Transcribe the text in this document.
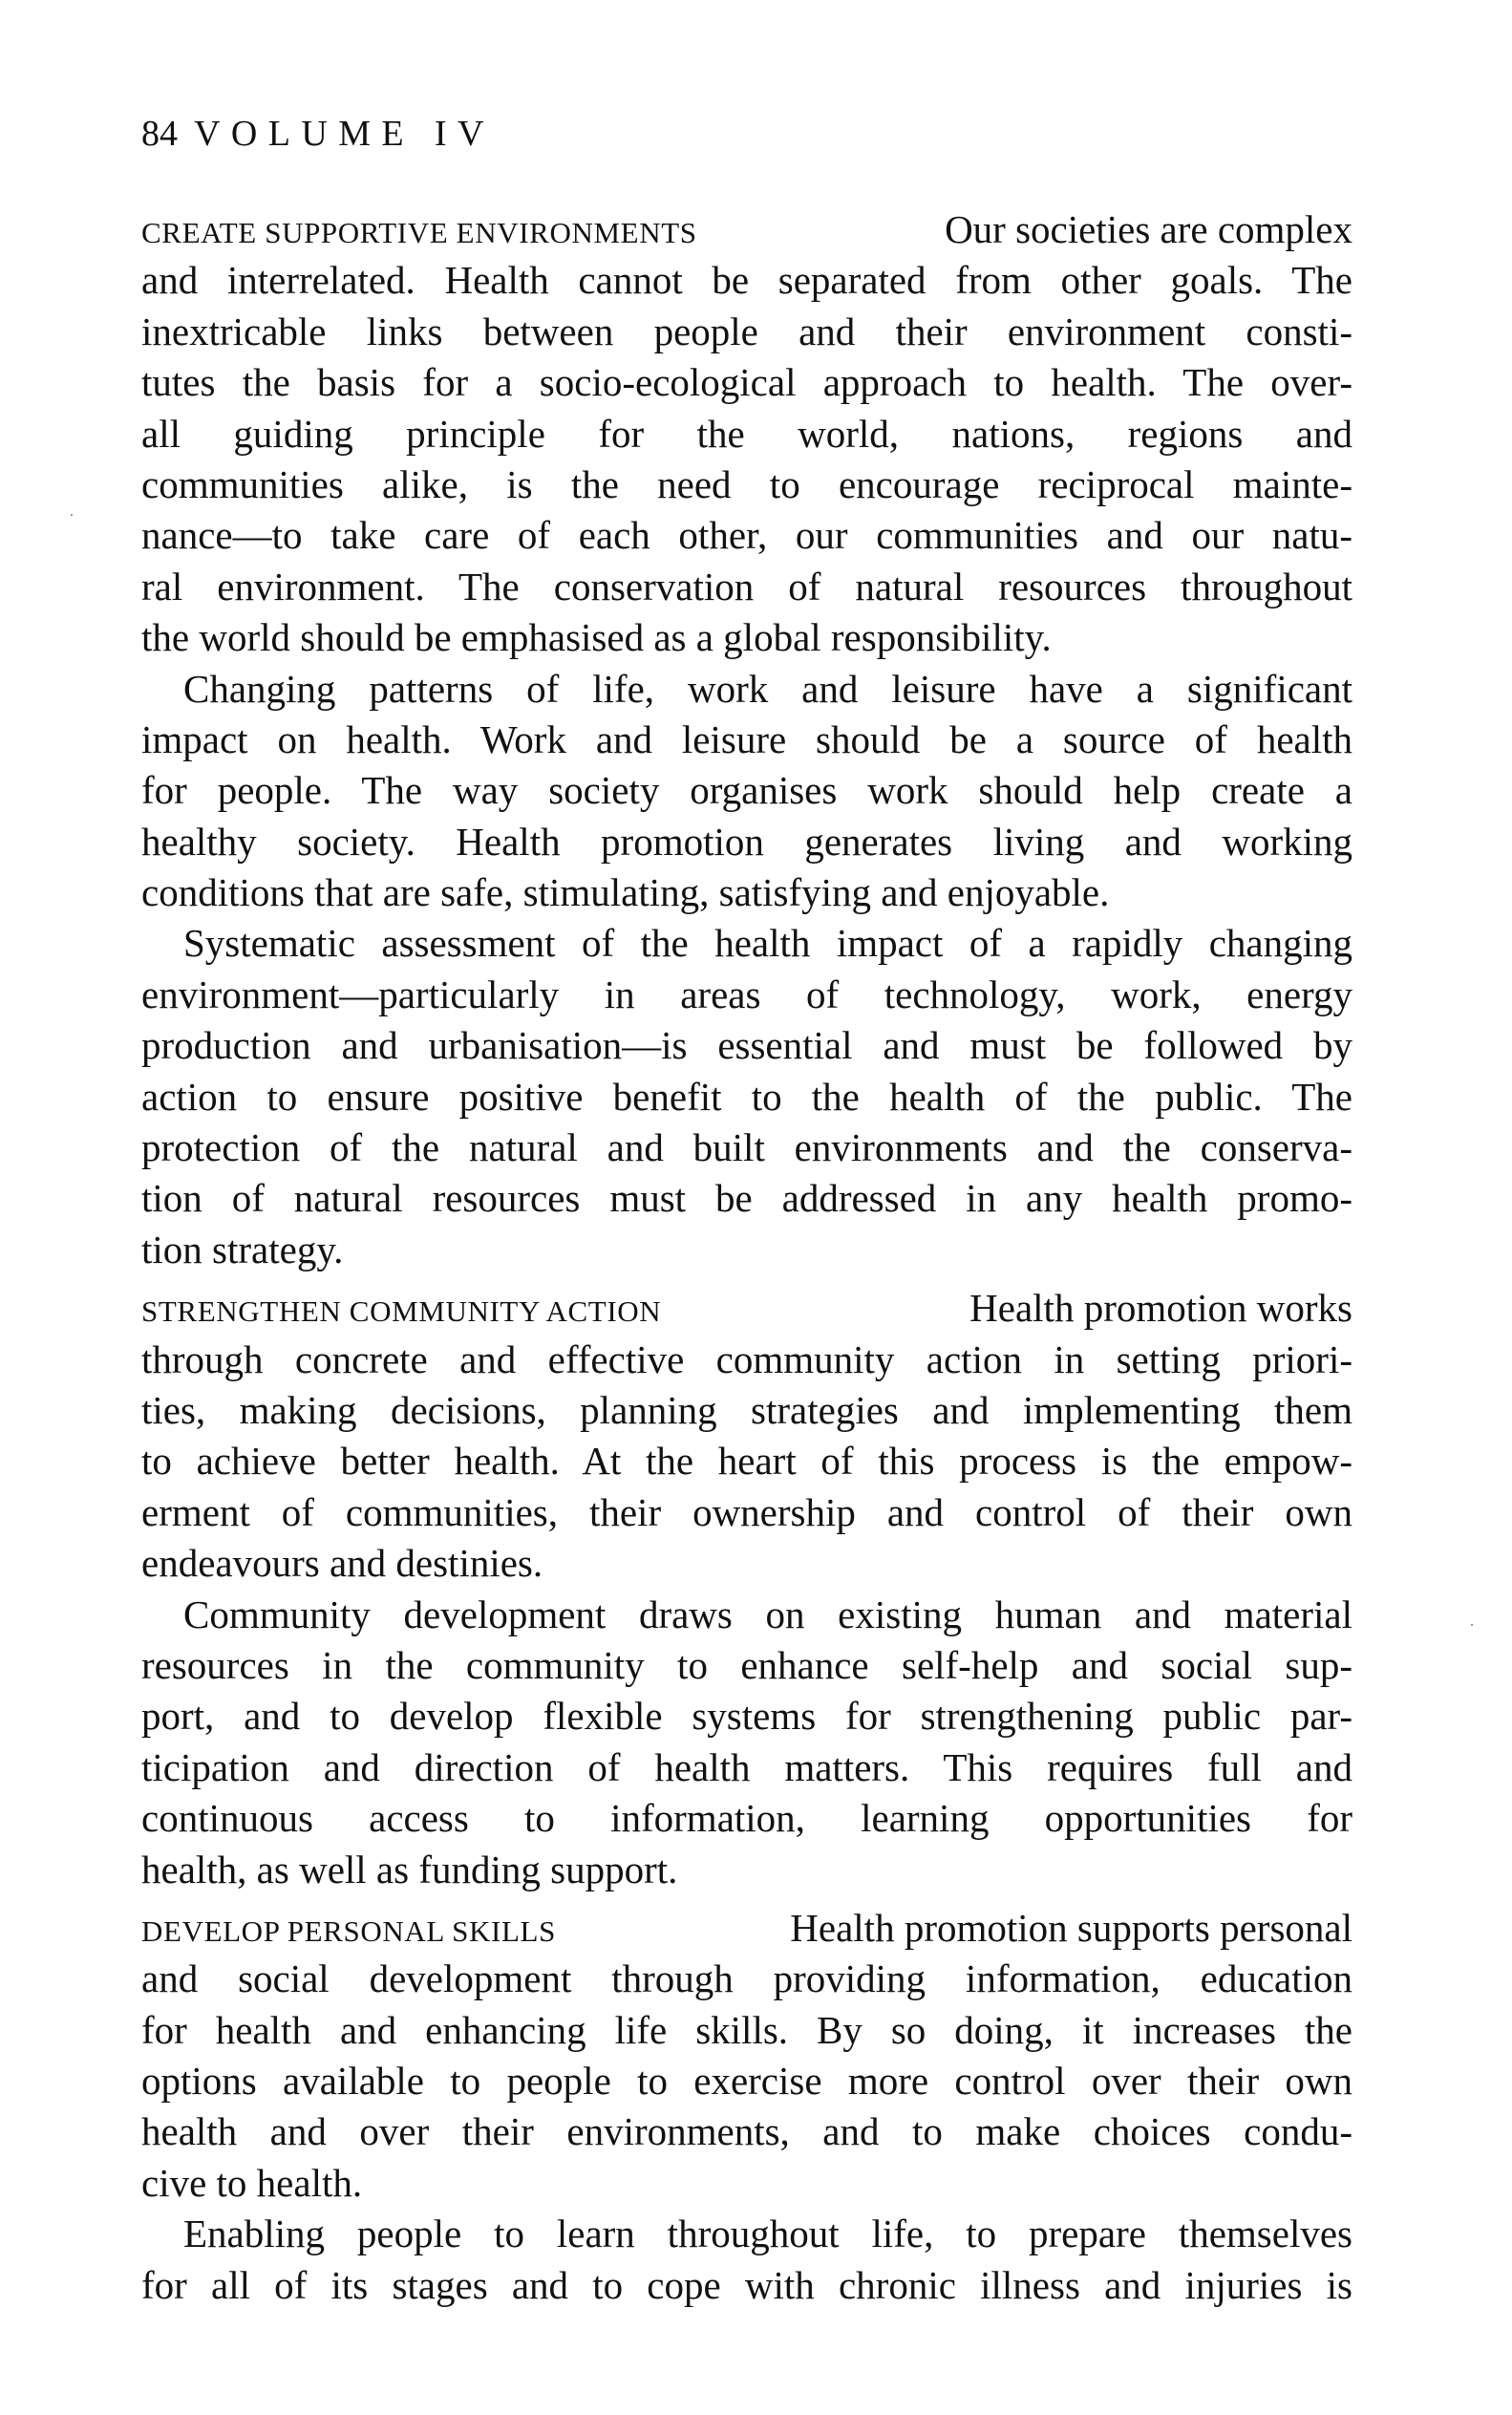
84 VOLUME IV
CREATE SUPPORTIVE ENVIRONMENTS	Our societies are complex
and interrelated. Health cannot be separated from other goals. The
inextricable links between people and their environment consti-
tutes the basis for a socio-ecological approach to health. The over-
all guiding principle for the world, nations, regions and
communities alike, is the need to encourage reciprocal mainte-
nance—to take care of each other, our communities and our natu-
ral environment. The conservation of natural resources throughout
the world should be emphasised as a global responsibility.
Changing patterns of life, work and leisure have a significant
impact on health. Work and leisure should be a source of health
for people. The way society organises work should help create a
healthy society. Health promotion generates living and working
conditions that are safe, stimulating, satisfying and enjoyable.
Systematic assessment of the health impact of a rapidly changing
environment—particularly in areas of technology, work, energy
production and urbanisation—is essential and must be followed by
action to ensure positive benefit to the health of the public. The
protection of the natural and built environments and the conserva-
tion of natural resources must be addressed in any health promo-
tion strategy.
STRENGTHEN COMMUNITY ACTION	Health promotion works
through concrete and effective community action in setting priori-
ties, making decisions, planning strategies and implementing them
to achieve better health. At the heart of this process is the empow-
erment of communities, their ownership and control of their own
endeavours and destinies.
Community development draws on existing human and material
resources in the community to enhance self-help and social sup-
port, and to develop flexible systems for strengthening public par-
ticipation and direction of health matters. This requires full and
continuous access to information, learning opportunities for
health, as well as funding support.
DEVELOP PERSONAL SKILLS	Health promotion supports personal
and social development through providing information, education
for health and enhancing life skills. By so doing, it increases the
options available to people to exercise more control over their own
health and over their environments, and to make choices condu-
cive to health.
Enabling people to learn throughout life, to prepare themselves
for all of its stages and to cope with chronic illness and injuries is
